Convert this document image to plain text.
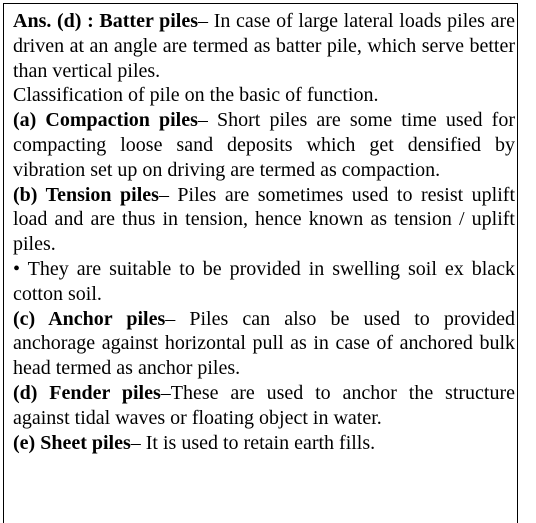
Ans. (d) : Batter piles– In case of large lateral loads piles are driven at an angle are termed as batter pile, which serve better than vertical piles.

Classification of pile on the basic of function.

(a) Compaction piles– Short piles are some time used for compacting loose sand deposits which get densified by vibration set up on driving are termed as compaction.

(b) Tension piles– Piles are sometimes used to resist uplift load and are thus in tension, hence known as tension / uplift piles.

• They are suitable to be provided in swelling soil ex black cotton soil.

(c) Anchor piles– Piles can also be used to provided anchorage against horizontal pull as in case of anchored bulk head termed as anchor piles.

(d) Fender piles–These are used to anchor the structure against tidal waves or floating object in water.

(e) Sheet piles– It is used to retain earth fills.
